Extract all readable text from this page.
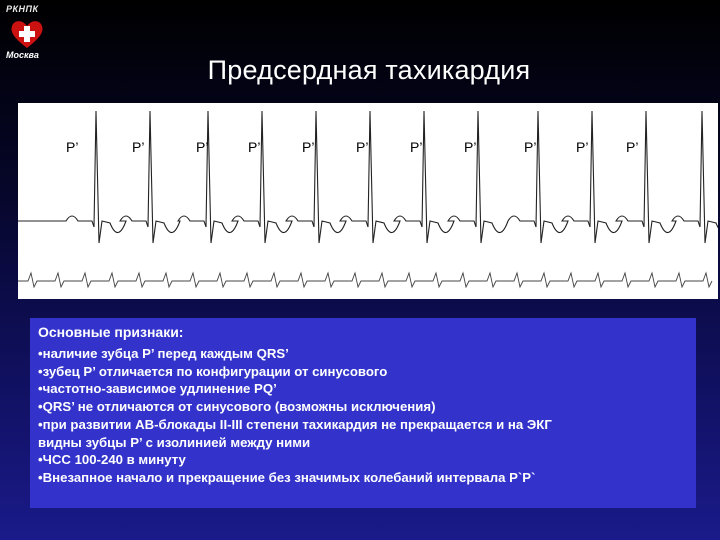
РКНПК
Москва	Предсердная тахикардия
P’	P’	P’	P’	P’	P’	P’	P’	P’	P’	P’
Основные признаки:
•наличие зубца Р’ перед каждым QRS’
•зубец Р’ отличается по конфигурации от синусового
•частотно-зависимое удлинение PQ’
•QRS’ не отличаются от синусового (возможны исключения)
•при развитии АВ-блокады II-III степени тахикардия не прекращается и на ЭКГ
видны зубцы Р’ с изолинией между ними
•ЧСС 100-240 в минуту
•Внезапное начало и прекращение без значимых колебаний интервала Р`Р`
